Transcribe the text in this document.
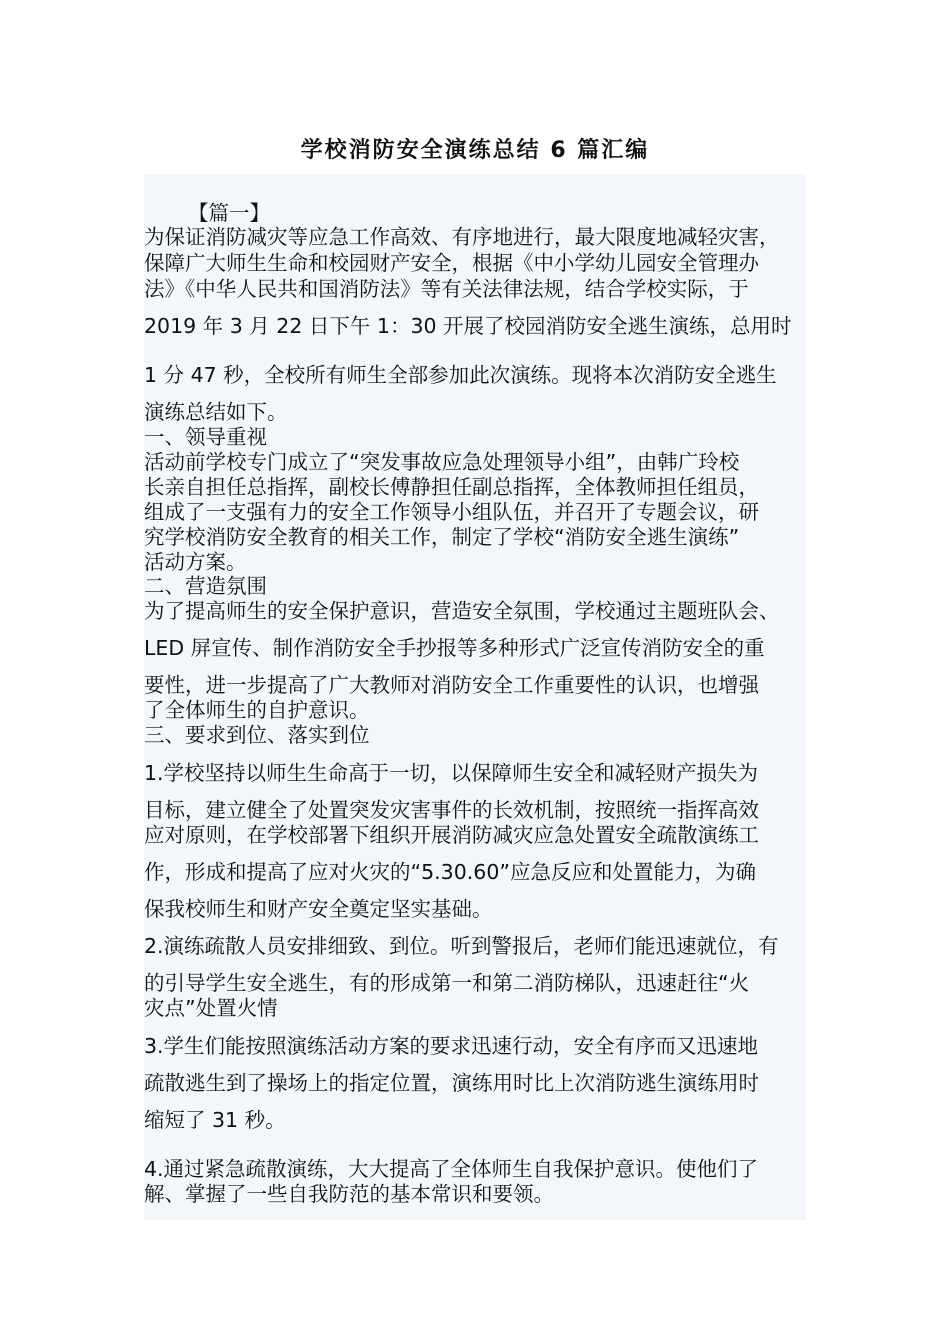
学校消防安全演练总结 6 篇汇编
【篇一】
为保证消防减灾等应急工作高效、有序地进行，最大限度地减轻灾害，
保障广大师生生命和校园财产安全，根据《中小学幼儿园安全管理办
法》《中华人民共和国消防法》等有关法律法规，结合学校实际，于
2019 年 3 月 22 日下午 1：30 开展了校园消防安全逃生演练，总用时
1 分 47 秒，全校所有师生全部参加此次演练。现将本次消防安全逃生
演练总结如下。
一、领导重视
活动前学校专门成立了“突发事故应急处理领导小组”，由韩广玲校
长亲自担任总指挥，副校长傅静担任副总指挥，全体教师担任组员，
组成了一支强有力的安全工作领导小组队伍，并召开了专题会议，研
究学校消防安全教育的相关工作，制定了学校“消防安全逃生演练”
活动方案。
二、营造氛围
为了提高师生的安全保护意识，营造安全氛围，学校通过主题班队会、
LED 屏宣传、制作消防安全手抄报等多种形式广泛宣传消防安全的重
要性，进一步提高了广大教师对消防安全工作重要性的认识，也增强
了全体师生的自护意识。
三、要求到位、落实到位
1.学校坚持以师生生命高于一切，以保障师生安全和减轻财产损失为
目标，建立健全了处置突发灾害事件的长效机制，按照统一指挥高效
应对原则，在学校部署下组织开展消防减灾应急处置安全疏散演练工
作，形成和提高了应对火灾的“5.30.60”应急反应和处置能力，为确
保我校师生和财产安全奠定坚实基础。
2.演练疏散人员安排细致、到位。听到警报后，老师们能迅速就位，有
的引导学生安全逃生，有的形成第一和第二消防梯队，迅速赶往“火
灾点”处置火情
3.学生们能按照演练活动方案的要求迅速行动，安全有序而又迅速地
疏散逃生到了操场上的指定位置，演练用时比上次消防逃生演练用时
缩短了 31 秒。
4.通过紧急疏散演练，大大提高了全体师生自我保护意识。使他们了
解、掌握了一些自我防范的基本常识和要领。
